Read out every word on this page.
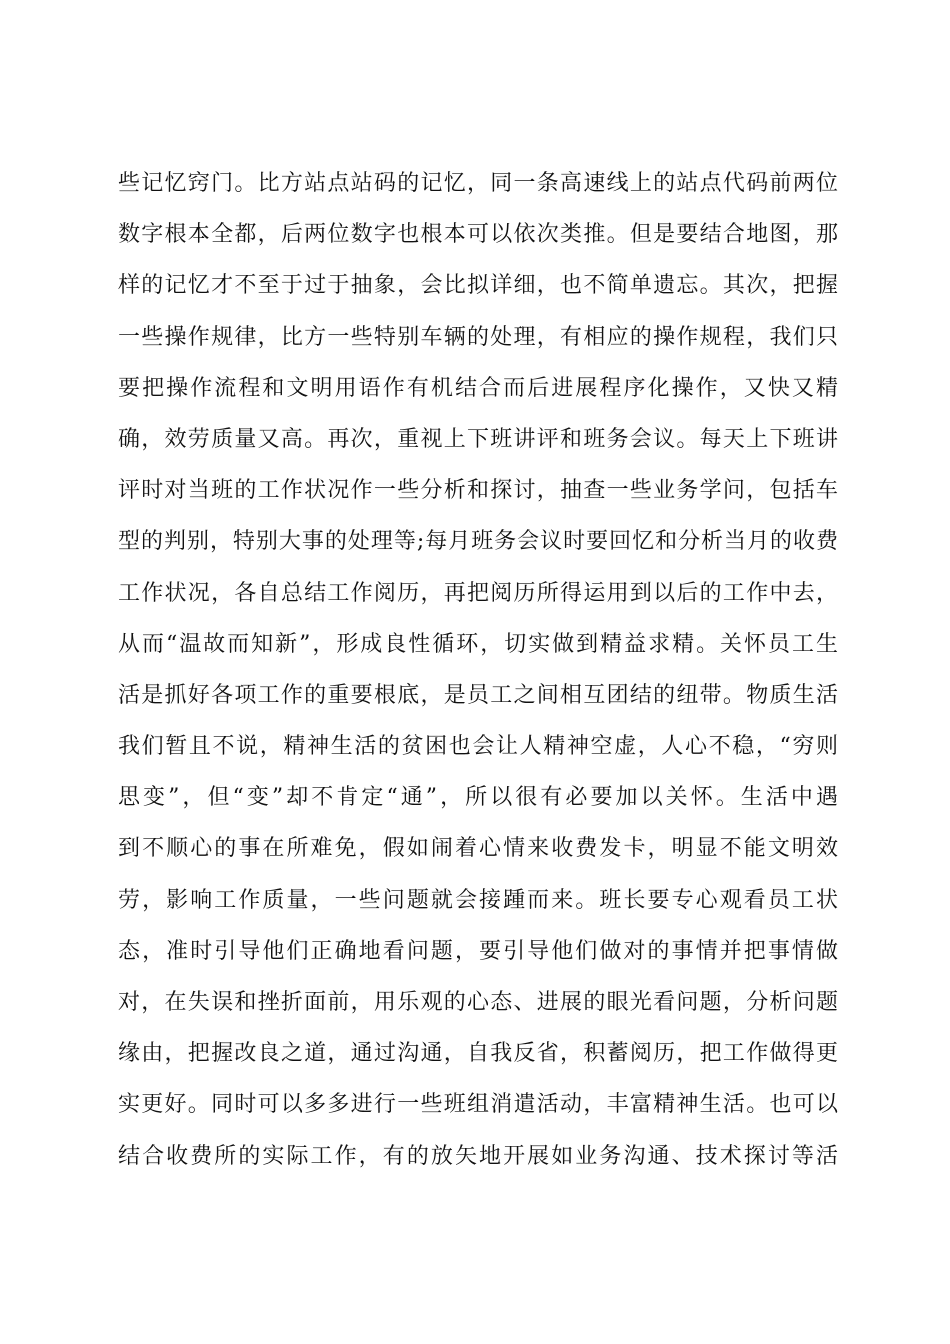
些记忆窍门。比方站点站码的记忆，同一条高速线上的站点代码前两位
数字根本全都，后两位数字也根本可以依次类推。但是要结合地图，那
样的记忆才不至于过于抽象，会比拟详细，也不简单遗忘。其次，把握
一些操作规律，比方一些特别车辆的处理，有相应的操作规程，我们只
要把操作流程和文明用语作有机结合而后进展程序化操作，又快又精
确，效劳质量又高。再次，重视上下班讲评和班务会议。每天上下班讲
评时对当班的工作状况作一些分析和探讨，抽查一些业务学问，包括车
型的判别，特别大事的处理等;每月班务会议时要回忆和分析当月的收费
工作状况，各自总结工作阅历，再把阅历所得运用到以后的工作中去，
从而“温故而知新”，形成良性循环，切实做到精益求精。关怀员工生
活是抓好各项工作的重要根底，是员工之间相互团结的纽带。物质生活
我们暂且不说，精神生活的贫困也会让人精神空虚，人心不稳，“穷则
思变”，但“变”却不肯定“通”，所以很有必要加以关怀。生活中遇
到不顺心的事在所难免，假如闹着心情来收费发卡，明显不能文明效
劳，影响工作质量，一些问题就会接踵而来。班长要专心观看员工状
态，准时引导他们正确地看问题，要引导他们做对的事情并把事情做
对，在失误和挫折面前，用乐观的心态、进展的眼光看问题，分析问题
缘由，把握改良之道，通过沟通，自我反省，积蓄阅历，把工作做得更
实更好。同时可以多多进行一些班组消遣活动，丰富精神生活。也可以
结合收费所的实际工作，有的放矢地开展如业务沟通、技术探讨等活
